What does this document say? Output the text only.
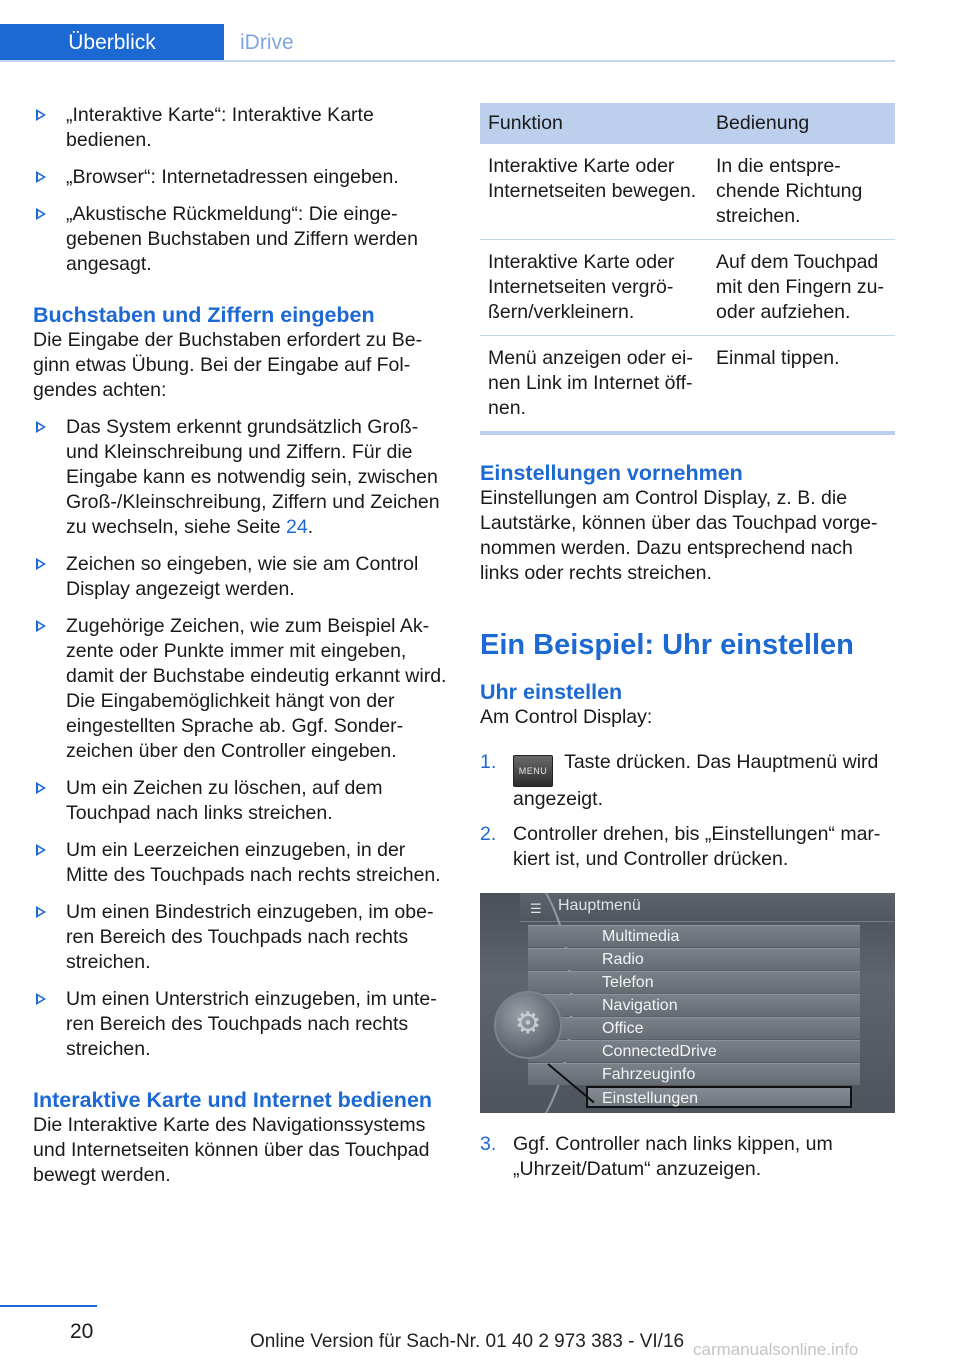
Überblick	iDrive
„Interaktive Karte“: Interaktive Karte bedienen.
„Browser“: Internetadressen eingeben.
„Akustische Rückmeldung“: Die eingegebenen Buchstaben und Ziffern werden angesagt.
Buchstaben und Ziffern eingeben

Die Eingabe der Buchstaben erfordert zu Beginn etwas Übung. Bei der Eingabe auf Folgendes achten:

Das System erkennt grundsätzlich Groß- und Kleinschreibung und Ziffern. Für die Eingabe kann es notwendig sein, zwischen Groß-/Kleinschreibung, Ziffern und Zeichen zu wechseln, siehe Seite 24.
Zeichen so eingeben, wie sie am Control Display angezeigt werden.
Zugehörige Zeichen, wie zum Beispiel Akzente oder Punkte immer mit eingeben, damit der Buchstabe eindeutig erkannt wird. Die Eingabemöglichkeit hängt von der eingestellten Sprache ab. Ggf. Sonderzeichen über den Controller eingeben.
Um ein Zeichen zu löschen, auf dem Touchpad nach links streichen.
Um ein Leerzeichen einzugeben, in der Mitte des Touchpads nach rechts streichen.
Um einen Bindestrich einzugeben, im oberen Bereich des Touchpads nach rechts streichen.
Um einen Unterstrich einzugeben, im unteren Bereich des Touchpads nach rechts streichen.
Interaktive Karte und Internet bedienen

Die Interaktive Karte des Navigationssystems und Internetseiten können über das Touchpad bewegt werden.

Funktion	Bedienung
Interaktive Karte oder Internetseiten bewegen.	In die entsprechende Richtung streichen.
Interaktive Karte oder Internetseiten vergrößern/verkleinern.	Auf dem Touchpad mit den Fingern zu- oder aufziehen.
Menü anzeigen oder einen Link im Internet öffnen.	Einmal tippen.
Einstellungen vornehmen

Einstellungen am Control Display, z. B. die Lautstärke, können über das Touchpad vorgenommen werden. Dazu entsprechend nach links oder rechts streichen.

Ein Beispiel: Uhr einstellen
Uhr einstellen

Am Control Display:

1. MENU Taste drücken. Das Hauptmenü wird angezeigt.
2. Controller drehen, bis „Einstellungen“ markiert ist, und Controller drücken.
3. Ggf. Controller nach links kippen, um „Uhrzeit/Datum“ anzuzeigen.
☰ Hauptmenü
Multimedia
Radio
Telefon
Navigation
Office
ConnectedDrive
Fahrzeuginfo
Einstellungen
⚙
20	Online Version für Sach-Nr. 01 40 2 973 383 - VI/16 carmanualsonline.info
